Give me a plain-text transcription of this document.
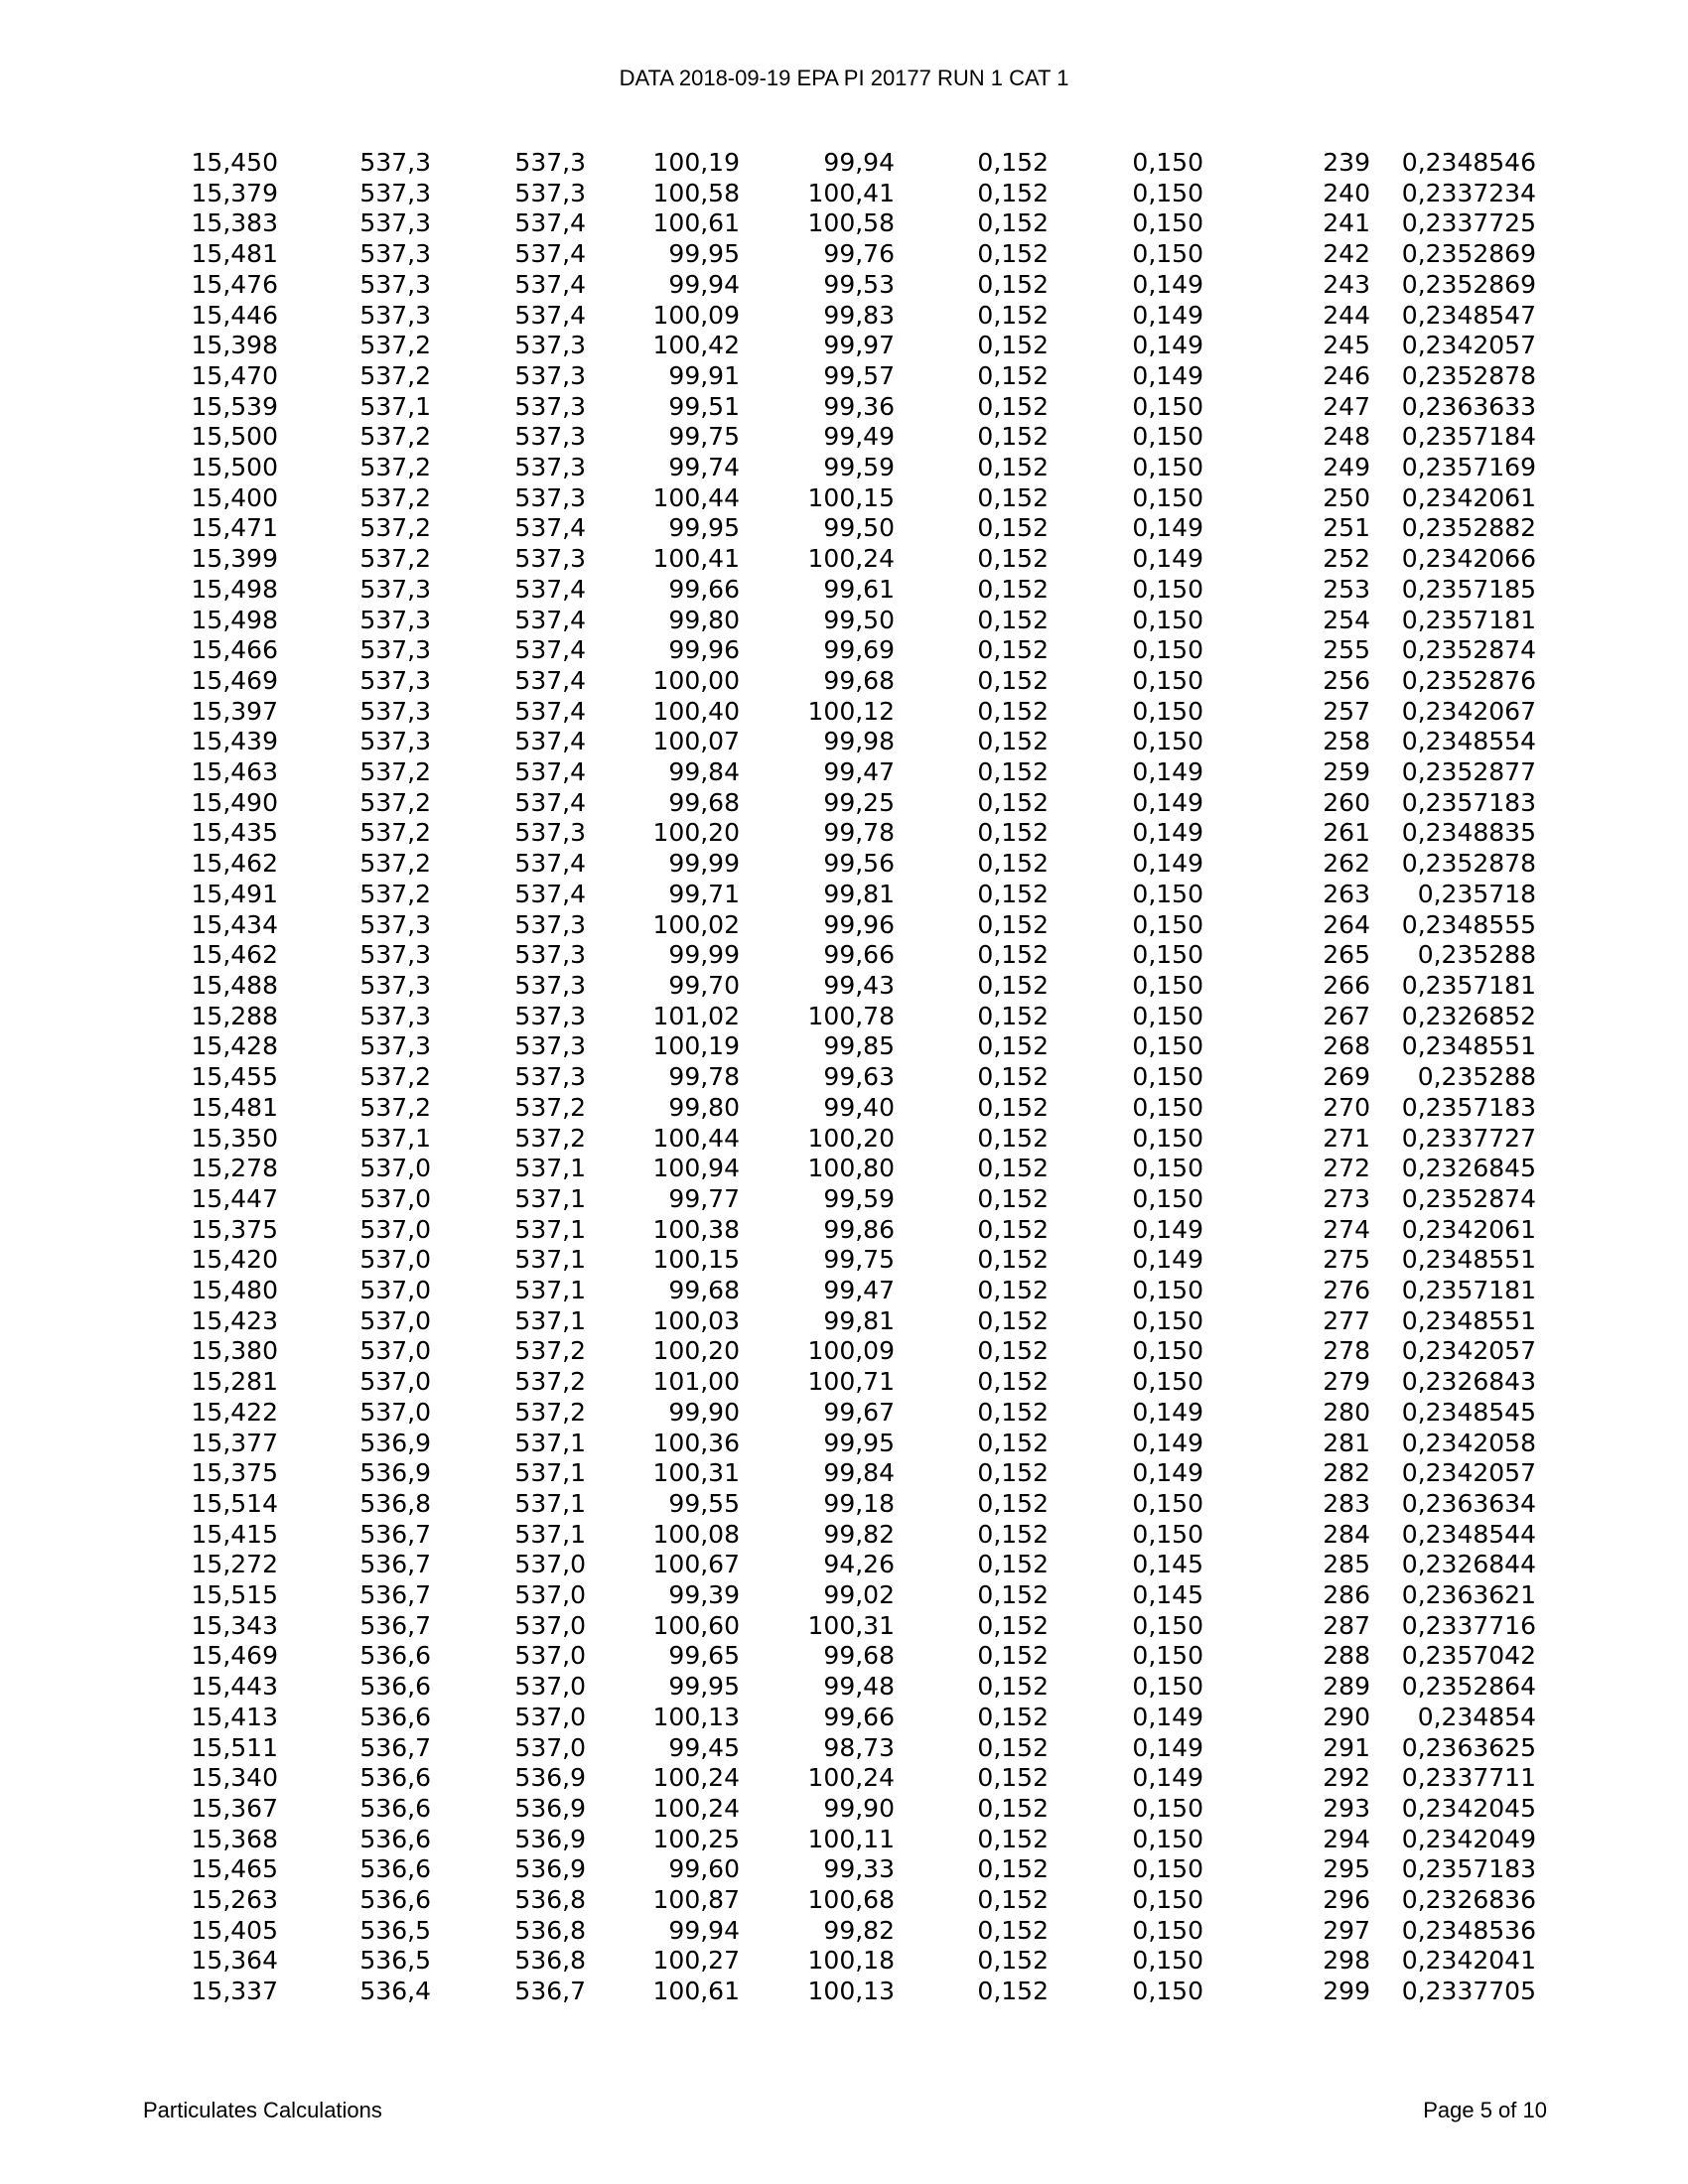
DATA 2018-09-19 EPA PI 20177 RUN 1 CAT 1
15,450	537,3	537,3	100,19	99,94	0,152	0,150	239	0,2348546
15,379	537,3	537,3	100,58	100,41	0,152	0,150	240	0,2337234
15,383	537,3	537,4	100,61	100,58	0,152	0,150	241	0,2337725
15,481	537,3	537,4	99,95	99,76	0,152	0,150	242	0,2352869
15,476	537,3	537,4	99,94	99,53	0,152	0,149	243	0,2352869
15,446	537,3	537,4	100,09	99,83	0,152	0,149	244	0,2348547
15,398	537,2	537,3	100,42	99,97	0,152	0,149	245	0,2342057
15,470	537,2	537,3	99,91	99,57	0,152	0,149	246	0,2352878
15,539	537,1	537,3	99,51	99,36	0,152	0,150	247	0,2363633
15,500	537,2	537,3	99,75	99,49	0,152	0,150	248	0,2357184
15,500	537,2	537,3	99,74	99,59	0,152	0,150	249	0,2357169
15,400	537,2	537,3	100,44	100,15	0,152	0,150	250	0,2342061
15,471	537,2	537,4	99,95	99,50	0,152	0,149	251	0,2352882
15,399	537,2	537,3	100,41	100,24	0,152	0,149	252	0,2342066
15,498	537,3	537,4	99,66	99,61	0,152	0,150	253	0,2357185
15,498	537,3	537,4	99,80	99,50	0,152	0,150	254	0,2357181
15,466	537,3	537,4	99,96	99,69	0,152	0,150	255	0,2352874
15,469	537,3	537,4	100,00	99,68	0,152	0,150	256	0,2352876
15,397	537,3	537,4	100,40	100,12	0,152	0,150	257	0,2342067
15,439	537,3	537,4	100,07	99,98	0,152	0,150	258	0,2348554
15,463	537,2	537,4	99,84	99,47	0,152	0,149	259	0,2352877
15,490	537,2	537,4	99,68	99,25	0,152	0,149	260	0,2357183
15,435	537,2	537,3	100,20	99,78	0,152	0,149	261	0,2348835
15,462	537,2	537,4	99,99	99,56	0,152	0,149	262	0,2352878
15,491	537,2	537,4	99,71	99,81	0,152	0,150	263	0,235718
15,434	537,3	537,3	100,02	99,96	0,152	0,150	264	0,2348555
15,462	537,3	537,3	99,99	99,66	0,152	0,150	265	0,235288
15,488	537,3	537,3	99,70	99,43	0,152	0,150	266	0,2357181
15,288	537,3	537,3	101,02	100,78	0,152	0,150	267	0,2326852
15,428	537,3	537,3	100,19	99,85	0,152	0,150	268	0,2348551
15,455	537,2	537,3	99,78	99,63	0,152	0,150	269	0,235288
15,481	537,2	537,2	99,80	99,40	0,152	0,150	270	0,2357183
15,350	537,1	537,2	100,44	100,20	0,152	0,150	271	0,2337727
15,278	537,0	537,1	100,94	100,80	0,152	0,150	272	0,2326845
15,447	537,0	537,1	99,77	99,59	0,152	0,150	273	0,2352874
15,375	537,0	537,1	100,38	99,86	0,152	0,149	274	0,2342061
15,420	537,0	537,1	100,15	99,75	0,152	0,149	275	0,2348551
15,480	537,0	537,1	99,68	99,47	0,152	0,150	276	0,2357181
15,423	537,0	537,1	100,03	99,81	0,152	0,150	277	0,2348551
15,380	537,0	537,2	100,20	100,09	0,152	0,150	278	0,2342057
15,281	537,0	537,2	101,00	100,71	0,152	0,150	279	0,2326843
15,422	537,0	537,2	99,90	99,67	0,152	0,149	280	0,2348545
15,377	536,9	537,1	100,36	99,95	0,152	0,149	281	0,2342058
15,375	536,9	537,1	100,31	99,84	0,152	0,149	282	0,2342057
15,514	536,8	537,1	99,55	99,18	0,152	0,150	283	0,2363634
15,415	536,7	537,1	100,08	99,82	0,152	0,150	284	0,2348544
15,272	536,7	537,0	100,67	94,26	0,152	0,145	285	0,2326844
15,515	536,7	537,0	99,39	99,02	0,152	0,145	286	0,2363621
15,343	536,7	537,0	100,60	100,31	0,152	0,150	287	0,2337716
15,469	536,6	537,0	99,65	99,68	0,152	0,150	288	0,2357042
15,443	536,6	537,0	99,95	99,48	0,152	0,150	289	0,2352864
15,413	536,6	537,0	100,13	99,66	0,152	0,149	290	0,234854
15,511	536,7	537,0	99,45	98,73	0,152	0,149	291	0,2363625
15,340	536,6	536,9	100,24	100,24	0,152	0,149	292	0,2337711
15,367	536,6	536,9	100,24	99,90	0,152	0,150	293	0,2342045
15,368	536,6	536,9	100,25	100,11	0,152	0,150	294	0,2342049
15,465	536,6	536,9	99,60	99,33	0,152	0,150	295	0,2357183
15,263	536,6	536,8	100,87	100,68	0,152	0,150	296	0,2326836
15,405	536,5	536,8	99,94	99,82	0,152	0,150	297	0,2348536
15,364	536,5	536,8	100,27	100,18	0,152	0,150	298	0,2342041
15,337	536,4	536,7	100,61	100,13	0,152	0,150	299	0,2337705
Particulates Calculations	Page 5 of 10
